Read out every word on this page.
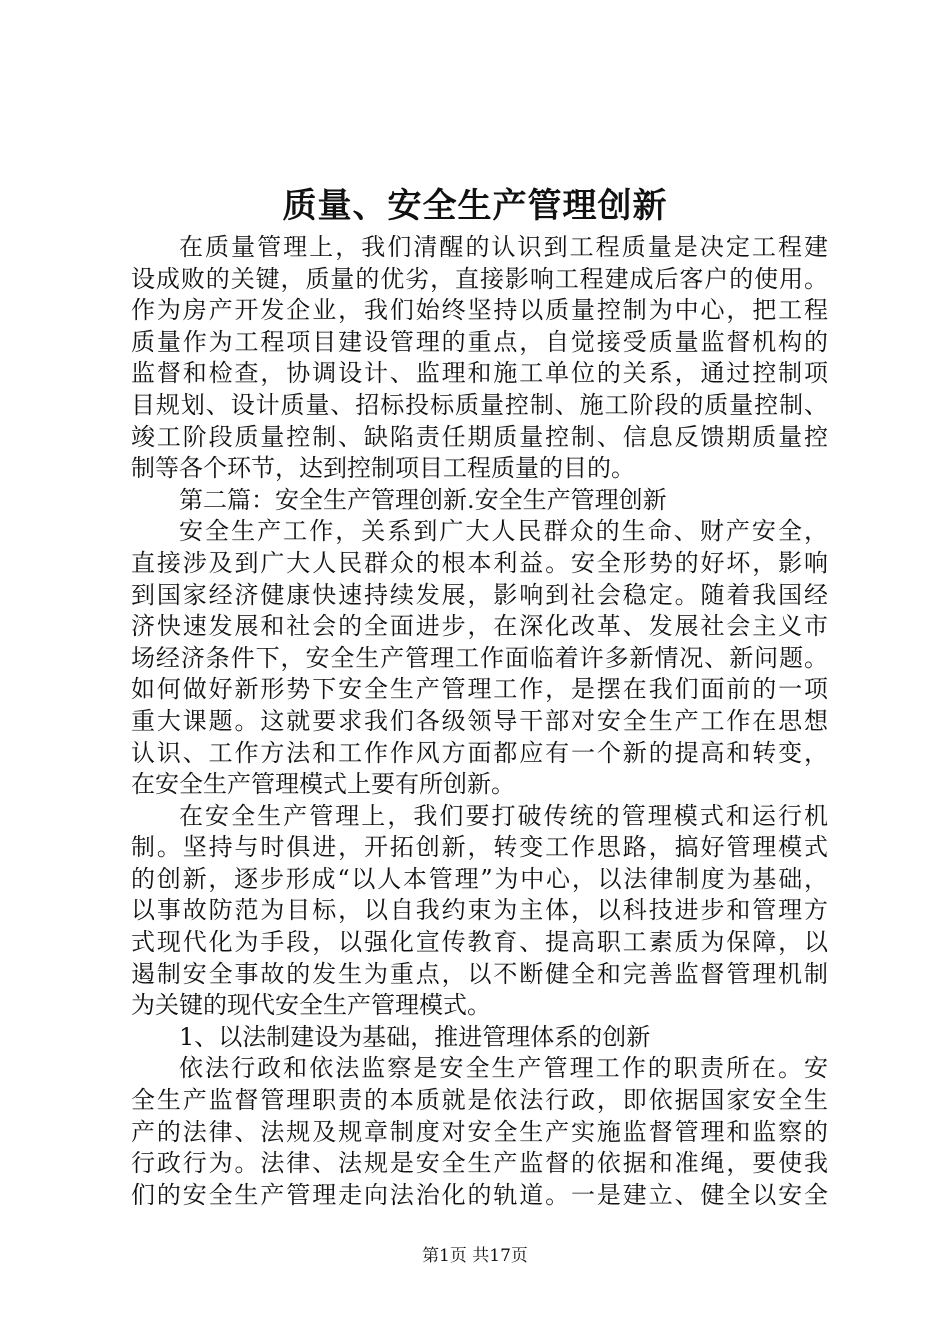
质量、安全生产管理创新
在质量管理上，我们清醒的认识到工程质量是决定工程建
设成败的关键，质量的优劣，直接影响工程建成后客户的使用。
作为房产开发企业，我们始终坚持以质量控制为中心，把工程
质量作为工程项目建设管理的重点，自觉接受质量监督机构的
监督和检查，协调设计、监理和施工单位的关系，通过控制项
目规划、设计质量、招标投标质量控制、施工阶段的质量控制、
竣工阶段质量控制、缺陷责任期质量控制、信息反馈期质量控
制等各个环节，达到控制项目工程质量的目的。
第二篇：安全生产管理创新.安全生产管理创新
安全生产工作，关系到广大人民群众的生命、财产安全，
直接涉及到广大人民群众的根本利益。安全形势的好坏，影响
到国家经济健康快速持续发展，影响到社会稳定。随着我国经
济快速发展和社会的全面进步，在深化改革、发展社会主义市
场经济条件下，安全生产管理工作面临着许多新情况、新问题。
如何做好新形势下安全生产管理工作，是摆在我们面前的一项
重大课题。这就要求我们各级领导干部对安全生产工作在思想
认识、工作方法和工作作风方面都应有一个新的提高和转变，
在安全生产管理模式上要有所创新。
在安全生产管理上，我们要打破传统的管理模式和运行机
制。坚持与时俱进，开拓创新，转变工作思路，搞好管理模式
的创新，逐步形成“以人本管理”为中心，以法律制度为基础，
以事故防范为目标，以自我约束为主体，以科技进步和管理方
式现代化为手段，以强化宣传教育、提高职工素质为保障，以
遏制安全事故的发生为重点，以不断健全和完善监督管理机制
为关键的现代安全生产管理模式。
1、以法制建设为基础，推进管理体系的创新
依法行政和依法监察是安全生产管理工作的职责所在。安
全生产监督管理职责的本质就是依法行政，即依据国家安全生
产的法律、法规及规章制度对安全生产实施监督管理和监察的
行政行为。法律、法规是安全生产监督的依据和准绳，要使我
们的安全生产管理走向法治化的轨道。一是建立、健全以安全
第1页 共17页
